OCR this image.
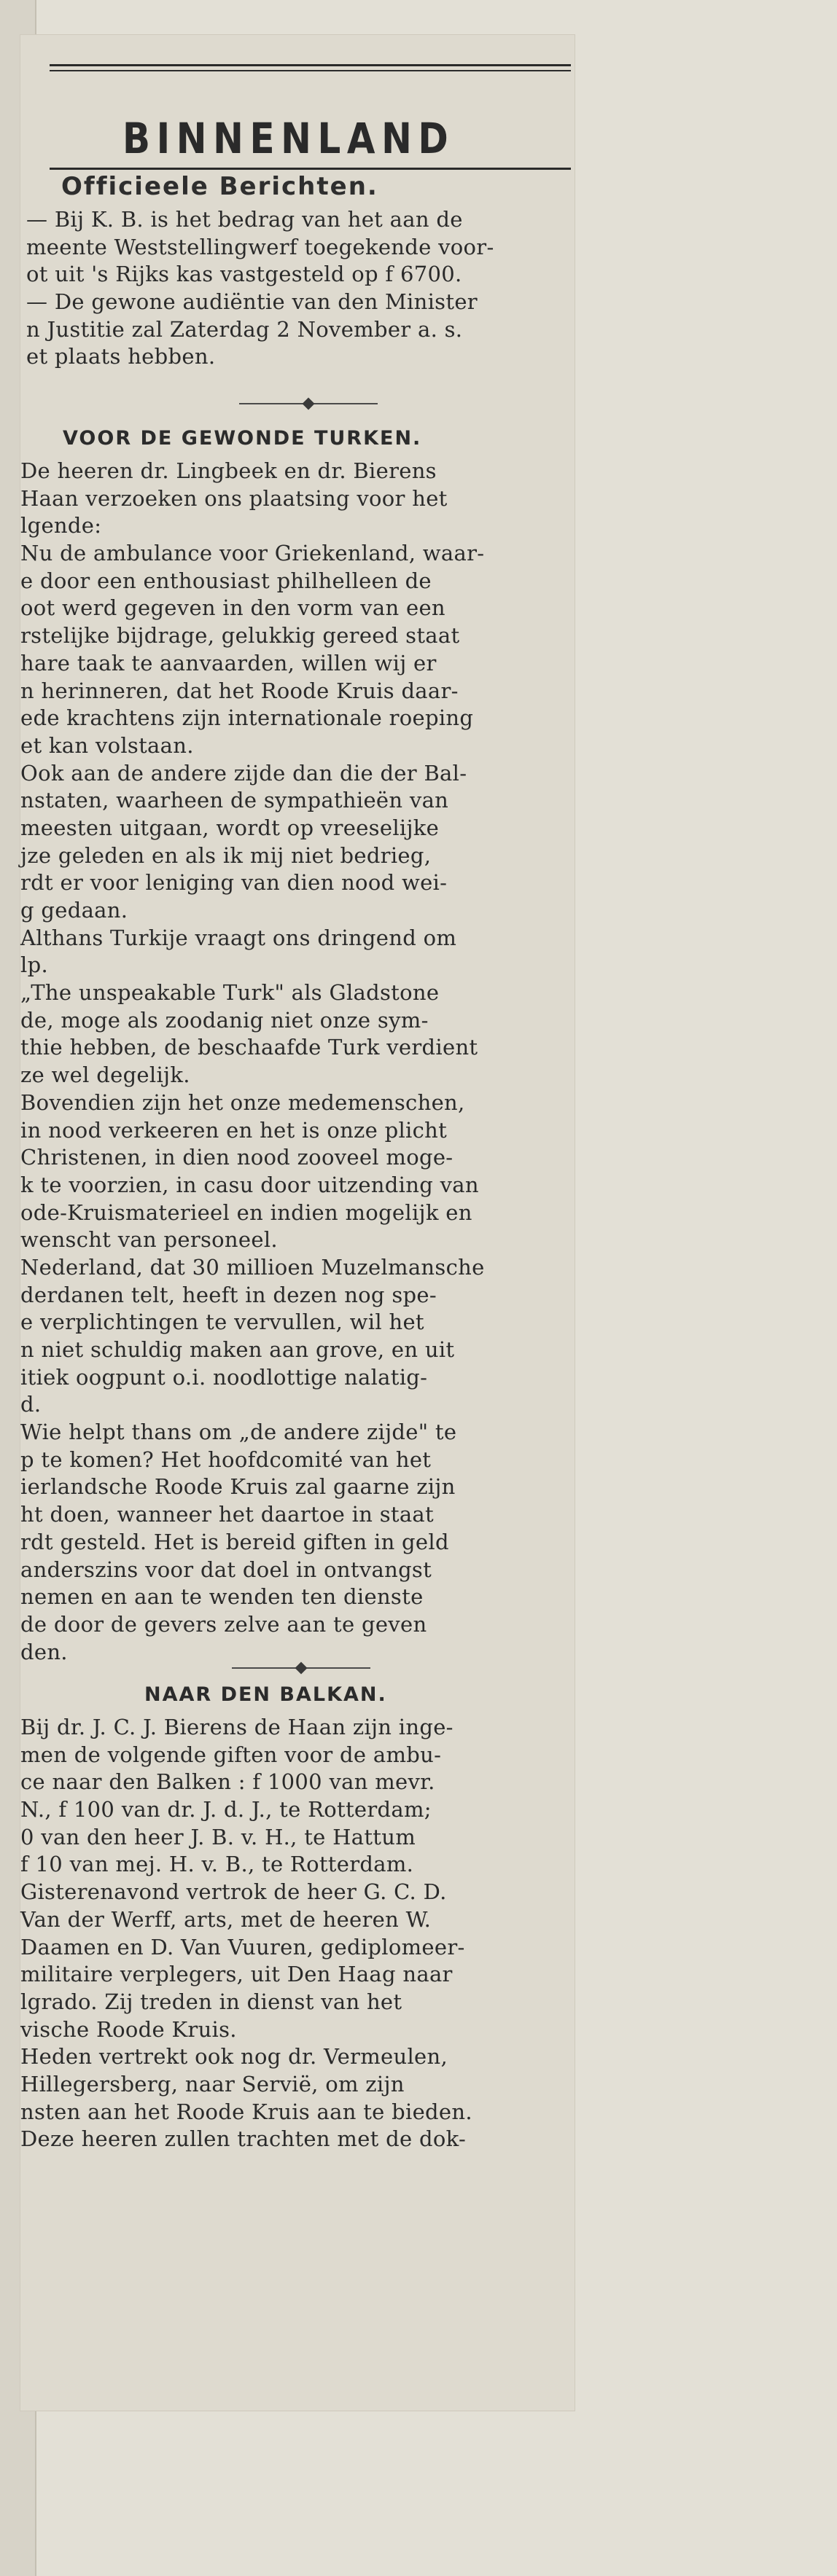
BINNENLAND
Officieele Berichten.
— Bij K. B. is het bedrag van het aan de
meente Weststellingwerf toegekende voor-
ot uit 's Rijks kas vastgesteld op f 6700.
— De gewone audiëntie van den Minister
n Justitie zal Zaterdag 2 November a. s.
et plaats hebben.
VOOR DE GEWONDE TURKEN.
De heeren dr. Lingbeek en dr. Bierens
Haan verzoeken ons plaatsing voor het
lgende:
Nu de ambulance voor Griekenland, waar-
e door een enthousiast philhelleen de
oot werd gegeven in den vorm van een
rstelijke bijdrage, gelukkig gereed staat
hare taak te aanvaarden, willen wij er
n herinneren, dat het Roode Kruis daar-
ede krachtens zijn internationale roeping
et kan volstaan.
Ook aan de andere zijde dan die der Bal-
nstaten, waarheen de sympathieën van
meesten uitgaan, wordt op vreeselijke
jze geleden en als ik mij niet bedrieg,
rdt er voor leniging van dien nood wei-
g gedaan.
Althans Turkije vraagt ons dringend om
lp.
„The unspeakable Turk" als Gladstone
de, moge als zoodanig niet onze sym-
thie hebben, de beschaafde Turk verdient
ze wel degelijk.
Bovendien zijn het onze medemenschen,
in nood verkeeren en het is onze plicht
Christenen, in dien nood zooveel moge-
k te voorzien, in casu door uitzending van
ode-Kruismaterieel en indien mogelijk en
wenscht van personeel.
Nederland, dat 30 millioen Muzelmansche
derdanen telt, heeft in dezen nog spe-
e verplichtingen te vervullen, wil het
n niet schuldig maken aan grove, en uit
itiek oogpunt o.i. noodlottige nalatig-
d.
Wie helpt thans om „de andere zijde" te
p te komen? Het hoofdcomité van het
ierlandsche Roode Kruis zal gaarne zijn
ht doen, wanneer het daartoe in staat
rdt gesteld. Het is bereid giften in geld
anderszins voor dat doel in ontvangst
nemen en aan te wenden ten dienste
de door de gevers zelve aan te geven
den.
NAAR DEN BALKAN.
Bij dr. J. C. J. Bierens de Haan zijn inge-
men de volgende giften voor de ambu-
ce naar den Balken : f 1000 van mevr.
N., f 100 van dr. J. d. J., te Rotterdam;
0 van den heer J. B. v. H., te Hattum
f 10 van mej. H. v. B., te Rotterdam.
Gisterenavond vertrok de heer G. C. D.
Van der Werff, arts, met de heeren W.
Daamen en D. Van Vuuren, gediplomeer-
militaire verplegers, uit Den Haag naar
lgrado. Zij treden in dienst van het
vische Roode Kruis.
Heden vertrekt ook nog dr. Vermeulen,
Hillegersberg, naar Servië, om zijn
nsten aan het Roode Kruis aan te bieden.
Deze heeren zullen trachten met de dok-
